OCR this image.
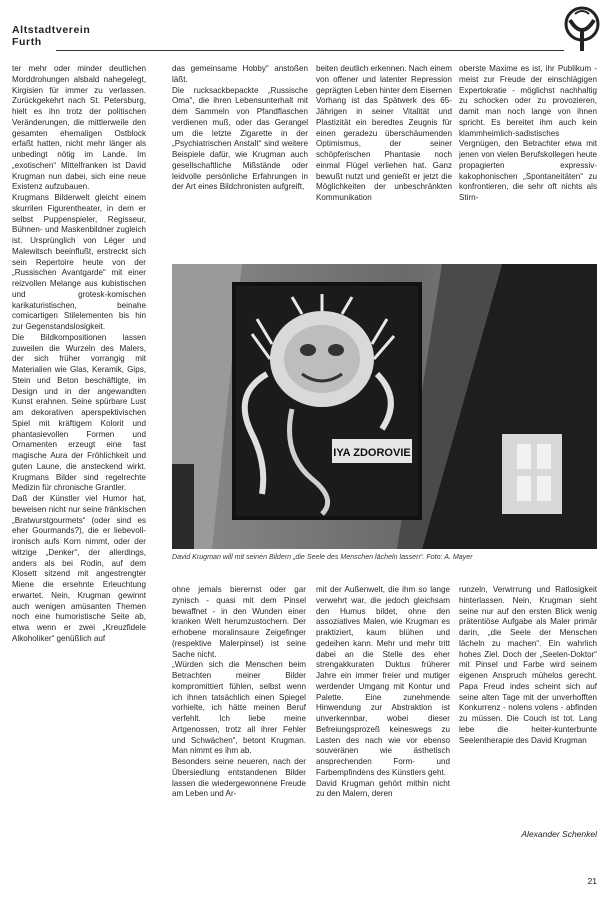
Altstadtverein
Furth

ter mehr oder minder deutlichen Morddrohungen alsbald nahegelegt, Kirgisien für immer zu verlassen. Zurückgekehrt nach St. Petersburg, hielt es ihn trotz der politischen Veränderungen, die mittlerweile den gesamten ehemaligen Ostblock erfaßt hatten, nicht mehr länger als unbedingt nötig im Lande. Im „exotischen“ Mittelfranken ist David Krugman nun dabei, sich eine neue Existenz aufzubauen.

Krugmans Bilderwelt gleicht einem skurrilen Figurentheater, in dem er selbst Puppenspieler, Regisseur, Bühnen- und Maskenbildner zugleich ist. Ursprünglich von Léger und Malewitsch beeinflußt, erstreckt sich sein Repertoire heute von der „Russischen Avantgarde“ mit einer reizvollen Melange aus kubistischen und grotesk-komischen karikaturistischen, beinahe comicartigen Stilelementen bis hin zur Gegenstandslosigkeit.

Die Bildkompositionen lassen zuweilen die Wurzeln des Malers, der sich früher vorrangig mit Materialien wie Glas, Keramik, Gips, Stein und Beton beschäftigte, im Design und in der angewandten Kunst erahnen. Seine spürbare Lust am dekorativen aperspektivischen Spiel mit kräftigem Kolorit und phantasievollen Formen und Ornamenten erzeugt eine fast magische Aura der Fröhlichkeit und guten Laune, die ansteckend wirkt. Krugmans Bilder sind regelrechte Medizin für chronische Grantler.

Daß der Künstler viel Humor hat, beweisen nicht nur seine fränkischen „Bratwurstgourmets“ (oder sind es eher Gourmands?), die er liebevoll-ironisch aufs Korn nimmt, oder der witzige „Denker“, der allerdings, anders als bei Rodin, auf dem Klosett sitzend mit angestrengter Miene die ersehnte Erleuchtung erwartet. Nein, Krugman gewinnt auch wenigen amüsanten Themen noch eine humoristische Seite ab, etwa wenn er zwei „Kreuzfidele Alkoholiker“ genüßlich auf

das gemeinsame Hobby“ anstoßen läßt.

Die rucksackbepackte „Russische Oma“, die ihren Lebensunterhalt mit dem Sammeln von Pfandflaschen verdienen muß, oder das Gerangel um die letzte Zigarette in der „Psychiatrischen Anstalt“ sind weitere Beispiele dafür, wie Krugman auch gesellschaftliche Mißstände oder leidvolle persönliche Erfahrungen in der Art eines Bildchronisten aufgreift,

beiten deutlich erkennen. Nach einem von offener und latenter Repression geprägten Leben hinter dem Eisernen Vorhang ist das Spätwerk des 65-Jährigen in seiner Vitalität und Plastizität ein beredtes Zeugnis für einen geradezu überschäumenden Optimismus, der seiner schöpferischen Phantasie noch einmal Flügel verliehen hat. Ganz bewußt nutzt und genießt er jetzt die Möglichkeiten der unbeschränkten Kommunikation

oberste Maxime es ist, ihr Publikum - meist zur Freude der einschlägigen Expertokratie - möglichst nachhaltig zu schocken oder zu provozieren, damit man noch lange von ihnen spricht. Es bereitet ihm auch kein klammheimlich-sadistisches Vergnügen, den Betrachter etwa mit jenen von vielen Berufskollegen heute propagierten expressiv-kakophonischen „Spontaneitäten“ zu konfrontieren, die sehr oft nichts als Stirn-

IYA ZDOROVIE
David Krugman will mit seinen Bildern „die Seele des Menschen lächeln lassen“. Foto: A. Mayer

ohne jemals bierernst oder gar zynisch - quasi mit dem Pinsel bewaffnet - in den Wunden einer kranken Welt herumzustochern. Der erhobene moralinsaure Zeigefinger (respektive Malerpinsel) ist seine Sache nicht.

„Würden sich die Menschen beim Betrachten meiner Bilder kompromittiert fühlen, selbst wenn ich ihnen tatsächlich einen Spiegel vorhielte, ich hätte meinen Beruf verfehlt. Ich liebe meine Artgenossen, trotz all ihrer Fehler und Schwächen“, betont Krugman. Man nimmt es ihm ab.

Besonders seine neueren, nach der Übersiedlung entstandenen Bilder lassen die wiedergewonnene Freude am Leben und Ar-

mit der Außenwelt, die ihm so lange verwehrt war, die jedoch gleichsam den Humus bildet, ohne den assoziatives Malen, wie Krugman es praktiziert, kaum blühen und gedeihen kann. Mehr und mehr tritt dabei an die Stelle des eher strengakkuraten Duktus früherer Jahre ein immer freier und mutiger werdender Umgang mit Kontur und Palette. Eine zunehmende Hinwendung zur Abstraktion ist unverkennbar, wobei dieser Befreiungsprozeß keineswegs zu Lasten des nach wie vor ebenso souveränen wie ästhetisch ansprechenden Form- und Farbempfindens des Künstlers geht.

David Krugman gehört mithin nicht zu den Malern, deren

runzeln, Verwirrung und Ratlosigkeit hinterlassen. Nein, Krugman sieht seine nur auf den ersten Blick wenig prätentiöse Aufgabe als Maler primär darin, „die Seele der Menschen lächeln zu machen“. Ein wahrlich hohes Ziel. Doch der „Seelen-Doktor“ mit Pinsel und Farbe wird seinem eigenen Anspruch mühelos gerecht. Papa Freud indes scheint sich auf seine alten Tage mit der unverhofften Konkurrenz - nolens volens - abfinden zu müssen. Die Couch ist tot. Lang lebe die heiter-kunterbunte Seelentherapie des David Krugman

Alexander Schenkel
21
